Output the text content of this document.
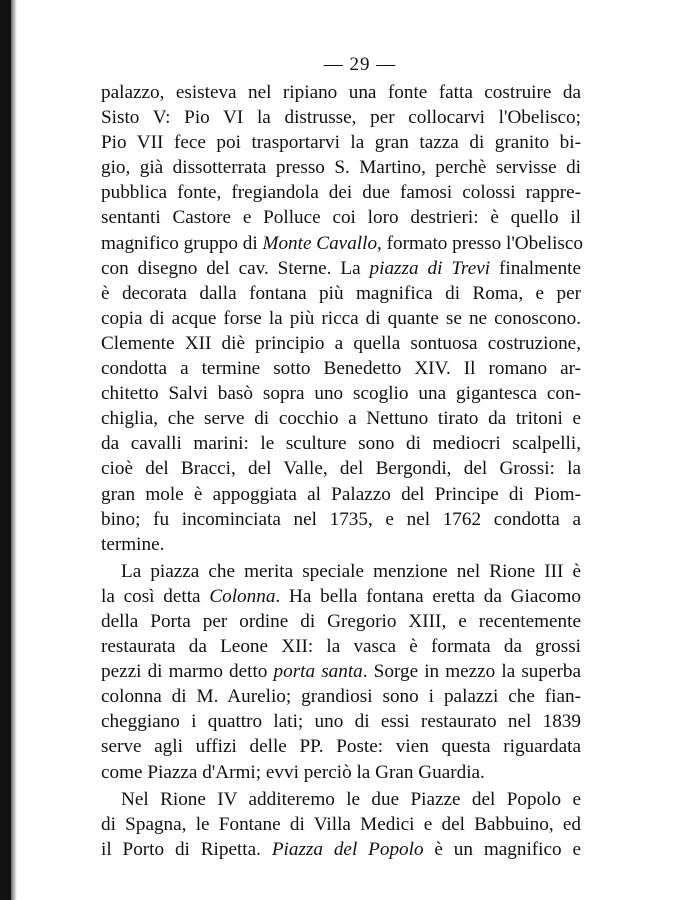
— 29 —
palazzo, esisteva nel ripiano una fonte fatta costruire da
Sisto V: Pio VI la distrusse, per collocarvi l'Obelisco;
Pio VII fece poi trasportarvi la gran tazza di granito bi-
gio, già dissotterrata presso S. Martino, perchè servisse di
pubblica fonte, fregiandola dei due famosi colossi rappre-
sentanti Castore e Polluce coi loro destrieri: è quello il
magnifico gruppo di Monte Cavallo, formato presso l'Obelisco
con disegno del cav. Sterne. La piazza di Trevi finalmente
è decorata dalla fontana più magnifica di Roma, e per
copia di acque forse la più ricca di quante se ne conoscono.
Clemente XII diè principio a quella sontuosa costruzione,
condotta a termine sotto Benedetto XIV. Il romano ar-
chitetto Salvi basò sopra uno scoglio una gigantesca con-
chiglia, che serve di cocchio a Nettuno tirato da tritoni e
da cavalli marini: le sculture sono di mediocri scalpelli,
cioè del Bracci, del Valle, del Bergondi, del Grossi: la
gran mole è appoggiata al Palazzo del Principe di Piom-
bino; fu incominciata nel 1735, e nel 1762 condotta a
termine.
La piazza che merita speciale menzione nel Rione III è
la così detta Colonna. Ha bella fontana eretta da Giacomo
della Porta per ordine di Gregorio XIII, e recentemente
restaurata da Leone XII: la vasca è formata da grossi
pezzi di marmo detto porta santa. Sorge in mezzo la superba
colonna di M. Aurelio; grandiosi sono i palazzi che fian-
cheggiano i quattro lati; uno di essi restaurato nel 1839
serve agli uffizi delle PP. Poste: vien questa riguardata
come Piazza d'Armi; evvi perciò la Gran Guardia.
Nel Rione IV additeremo le due Piazze del Popolo e
di Spagna, le Fontane di Villa Medici e del Babbuino, ed
il Porto di Ripetta. Piazza del Popolo è un magnifico e
